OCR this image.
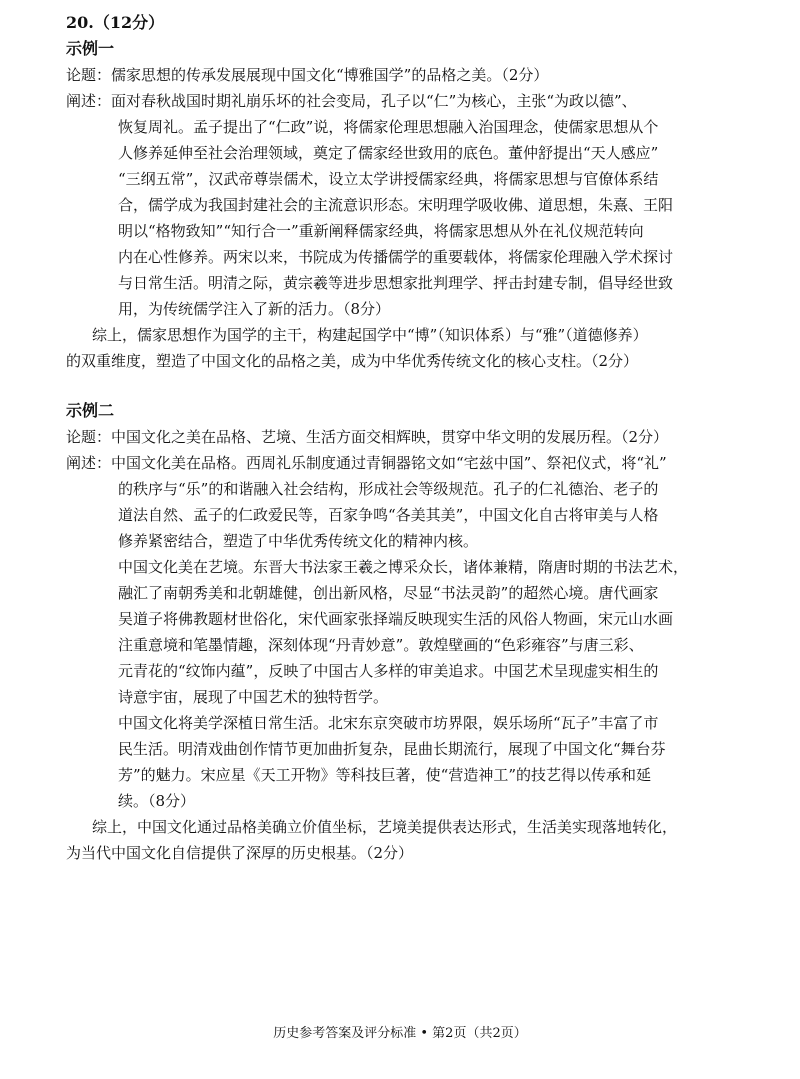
20.（12分）
示例一
论题：儒家思想的传承发展展现中国文化“博雅国学”的品格之美。（2分）
阐述：面对春秋战国时期礼崩乐坏的社会变局，孔子以“仁”为核心，主张“为政以德”、
恢复周礼。孟子提出了“仁政”说，将儒家伦理思想融入治国理念，使儒家思想从个
人修养延伸至社会治理领域，奠定了儒家经世致用的底色。董仲舒提出“天人感应”
“三纲五常”，汉武帝尊崇儒术，设立太学讲授儒家经典，将儒家思想与官僚体系结
合，儒学成为我国封建社会的主流意识形态。宋明理学吸收佛、道思想，朱熹、王阳
明以“格物致知”“知行合一”重新阐释儒家经典，将儒家思想从外在礼仪规范转向
内在心性修养。两宋以来，书院成为传播儒学的重要载体，将儒家伦理融入学术探讨
与日常生活。明清之际，黄宗羲等进步思想家批判理学、抨击封建专制，倡导经世致
用，为传统儒学注入了新的活力。（8分）
综上，儒家思想作为国学的主干，构建起国学中“博”（知识体系）与“雅”（道德修养）
的双重维度，塑造了中国文化的品格之美，成为中华优秀传统文化的核心支柱。（2分）
示例二
论题：中国文化之美在品格、艺境、生活方面交相辉映，贯穿中华文明的发展历程。（2分）
阐述：中国文化美在品格。西周礼乐制度通过青铜器铭文如“宅兹中国”、祭祀仪式，将“礼”
的秩序与“乐”的和谐融入社会结构，形成社会等级规范。孔子的仁礼德治、老子的
道法自然、孟子的仁政爱民等，百家争鸣“各美其美”，中国文化自古将审美与人格
修养紧密结合，塑造了中华优秀传统文化的精神内核。
中国文化美在艺境。东晋大书法家王羲之博采众长，诸体兼精，隋唐时期的书法艺术，
融汇了南朝秀美和北朝雄健，创出新风格，尽显“书法灵韵”的超然心境。唐代画家
吴道子将佛教题材世俗化，宋代画家张择端反映现实生活的风俗人物画，宋元山水画
注重意境和笔墨情趣，深刻体现“丹青妙意”。敦煌壁画的“色彩雍容”与唐三彩、
元青花的“纹饰内蕴”，反映了中国古人多样的审美追求。中国艺术呈现虚实相生的
诗意宇宙，展现了中国艺术的独特哲学。
中国文化将美学深植日常生活。北宋东京突破市坊界限，娱乐场所“瓦子”丰富了市
民生活。明清戏曲创作情节更加曲折复杂，昆曲长期流行，展现了中国文化“舞台芬
芳”的魅力。宋应星《天工开物》等科技巨著，使“营造神工”的技艺得以传承和延
续。（8分）
综上，中国文化通过品格美确立价值坐标，艺境美提供表达形式，生活美实现落地转化，
为当代中国文化自信提供了深厚的历史根基。（2分）
历史参考答案及评分标准 • 第2页（共2页）
